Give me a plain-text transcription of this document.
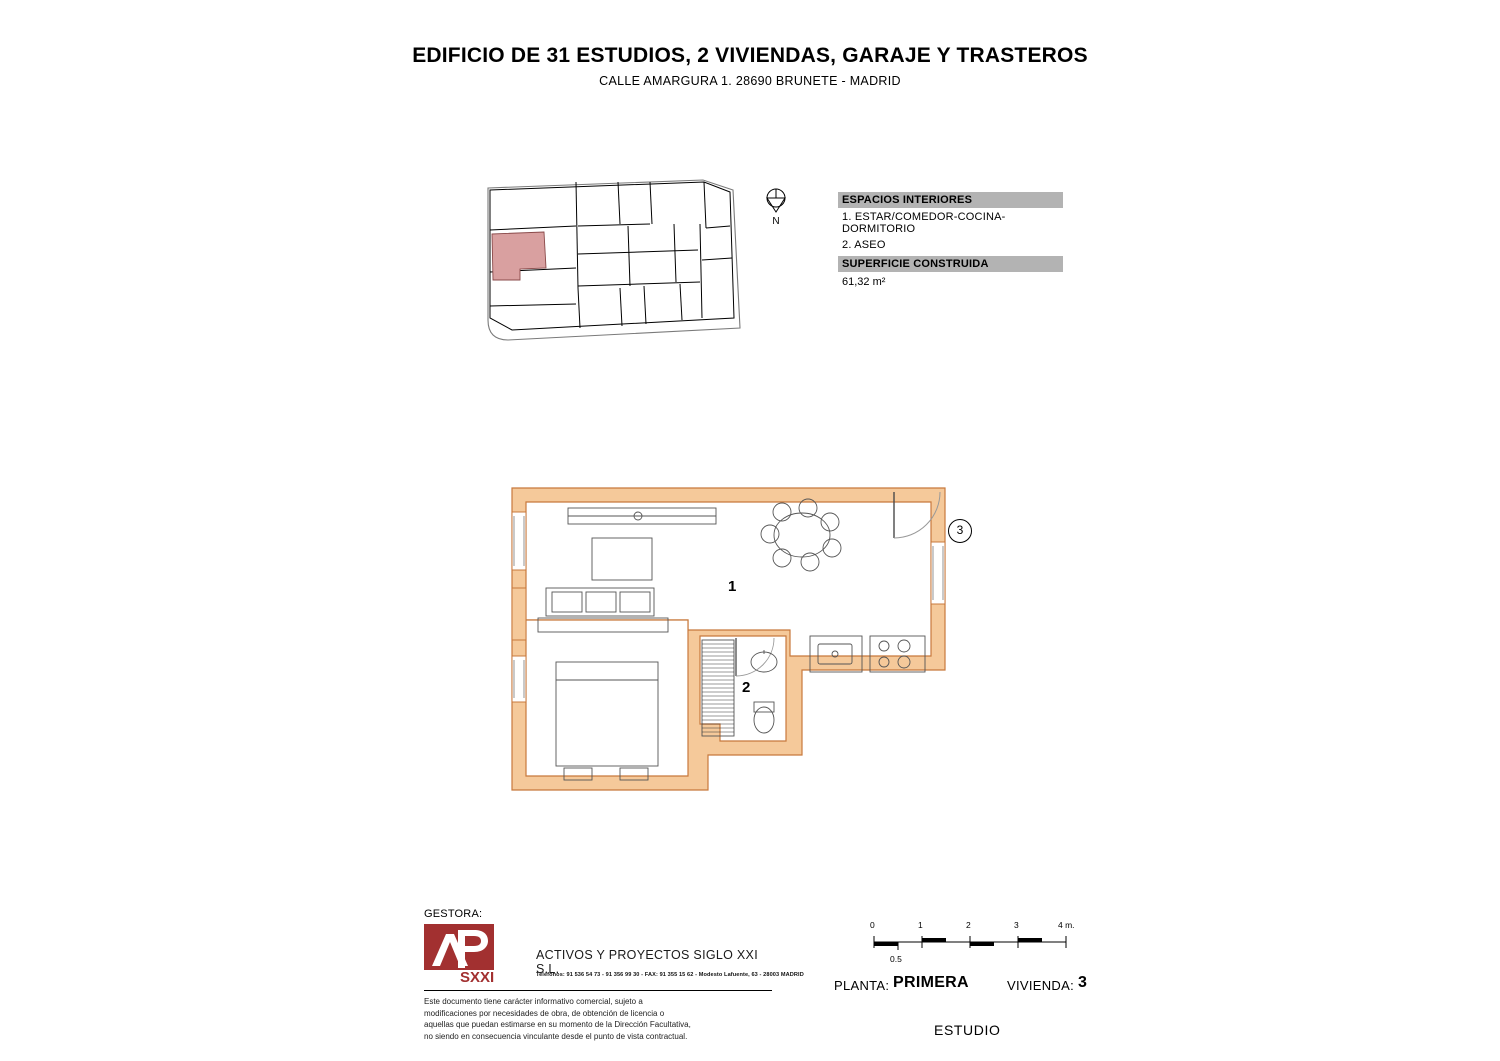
EDIFICIO DE 31 ESTUDIOS, 2 VIVIENDAS, GARAJE Y TRASTEROS
CALLE AMARGURA 1. 28690 BRUNETE - MADRID
N
ESPACIOS INTERIORES
1. ESTAR/COMEDOR-COCINA-DORMITORIO
2. ASEO
SUPERFICIE CONSTRUIDA
61,32 m²
1
2
3
GESTORA:
SXXI
ACTIVOS Y PROYECTOS SIGLO XXI S.L.
Teléfonos: 91 536 54 73 - 91 356 99 30 - FAX: 91 355 15 62 - Modesto Lafuente, 63 - 28003 MADRID
Este documento tiene carácter informativo comercial, sujeto a modificaciones por necesidades de obra, de obtención de licencia o aquellas que puedan estimarse en su momento de la Dirección Facultativa, no siendo en consecuencia vinculante desde el punto de vista contractual.
0	1	2	3	4 m.
0.5
PLANTA: PRIMERA	VIVIENDA: 3
ESTUDIO
